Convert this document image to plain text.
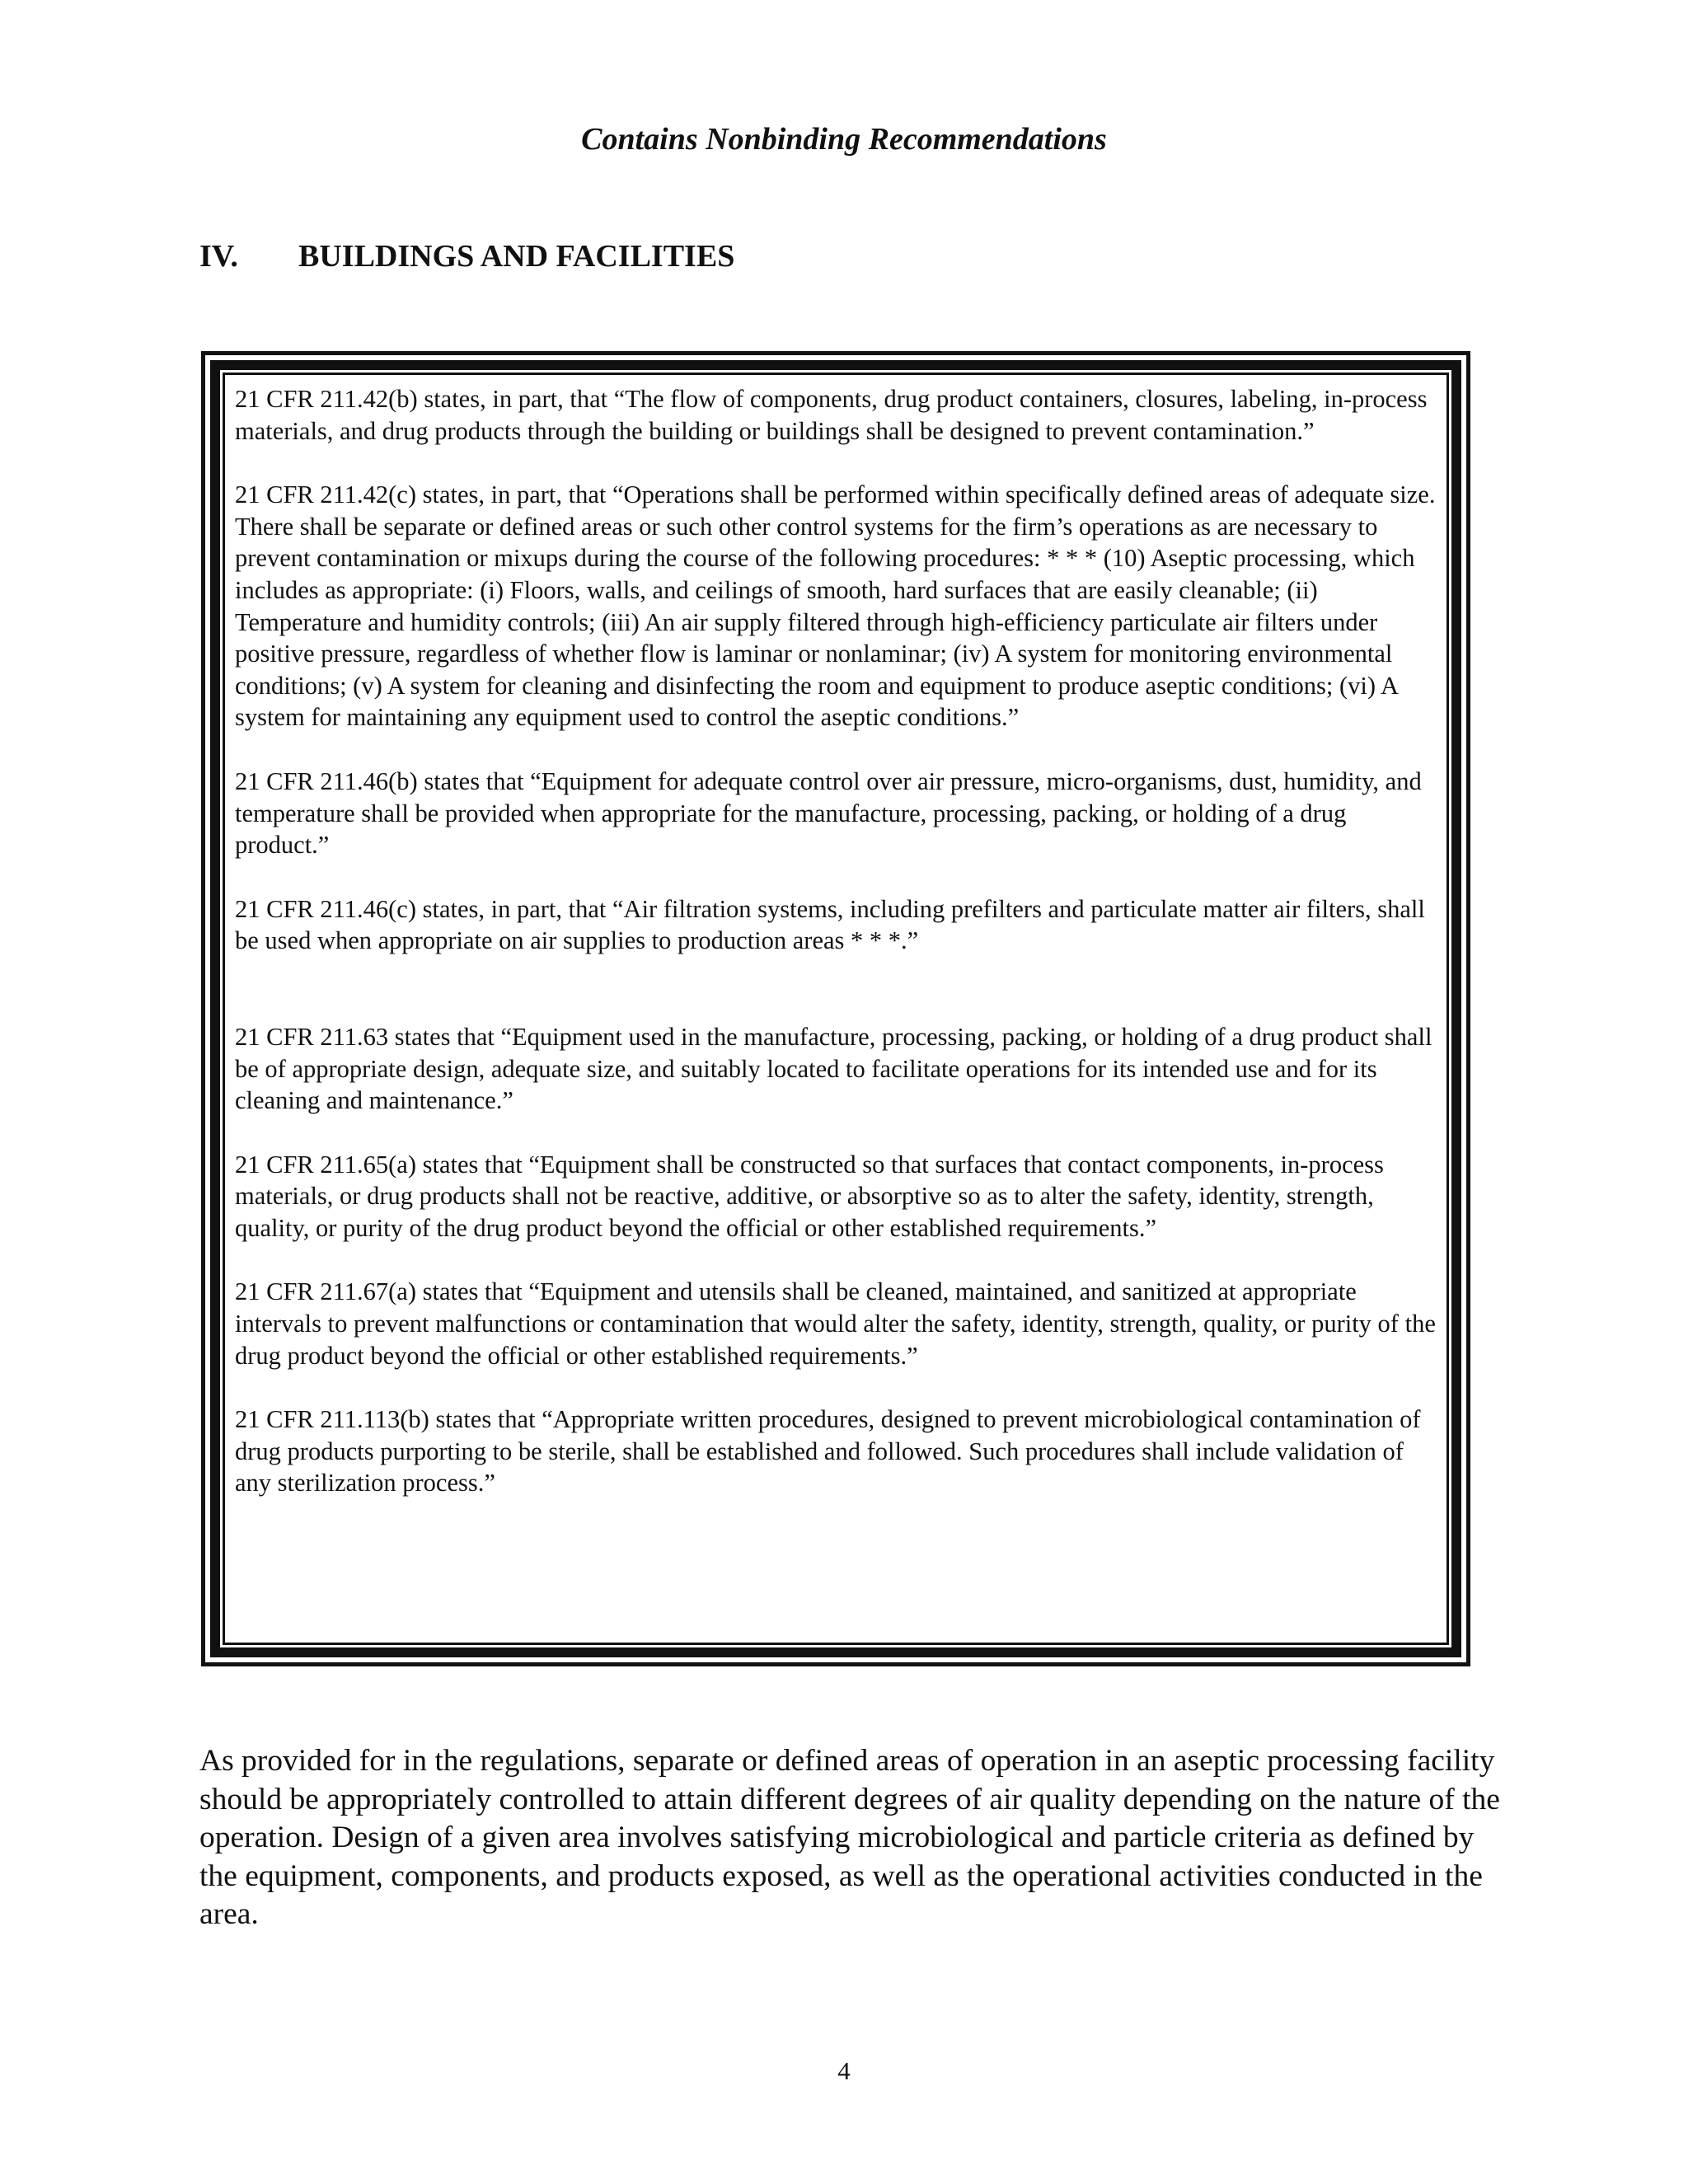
Contains Nonbinding Recommendations
IV.	BUILDINGS AND FACILITIES

21 CFR 211.42(b) states, in part, that “The flow of components, drug product containers, closures, labeling, in-process materials, and drug products through the building or buildings shall be designed to prevent contamination.”

21 CFR 211.42(c) states, in part, that “Operations shall be performed within specifically defined areas of adequate size. There shall be separate or defined areas or such other control systems for the firm’s operations as are necessary to prevent contamination or mixups during the course of the following procedures: * * * (10) Aseptic processing, which includes as appropriate: (i) Floors, walls, and ceilings of smooth, hard surfaces that are easily cleanable; (ii) Temperature and humidity controls; (iii) An air supply filtered through high-efficiency particulate air filters under positive pressure, regardless of whether flow is laminar or nonlaminar; (iv) A system for monitoring environmental conditions; (v) A system for cleaning and disinfecting the room and equipment to produce aseptic conditions; (vi) A system for maintaining any equipment used to control the aseptic conditions.”

21 CFR 211.46(b) states that “Equipment for adequate control over air pressure, micro-organisms, dust, humidity, and temperature shall be provided when appropriate for the manufacture, processing, packing, or holding of a drug product.”

21 CFR 211.46(c) states, in part, that “Air filtration systems, including prefilters and particulate matter air filters, shall be used when appropriate on air supplies to production areas * * *.”

21 CFR 211.63 states that “Equipment used in the manufacture, processing, packing, or holding of a drug product shall be of appropriate design, adequate size, and suitably located to facilitate operations for its intended use and for its cleaning and maintenance.”

21 CFR 211.65(a) states that “Equipment shall be constructed so that surfaces that contact components, in-process materials, or drug products shall not be reactive, additive, or absorptive so as to alter the safety, identity, strength, quality, or purity of the drug product beyond the official or other established requirements.”

21 CFR 211.67(a) states that “Equipment and utensils shall be cleaned, maintained, and sanitized at appropriate intervals to prevent malfunctions or contamination that would alter the safety, identity, strength, quality, or purity of the drug product beyond the official or other established requirements.”

21 CFR 211.113(b) states that “Appropriate written procedures, designed to prevent microbiological contamination of drug products purporting to be sterile, shall be established and followed. Such procedures shall include validation of any sterilization process.”

As provided for in the regulations, separate or defined areas of operation in an aseptic processing facility should be appropriately controlled to attain different degrees of air quality depending on the nature of the operation. Design of a given area involves satisfying microbiological and particle criteria as defined by the equipment, components, and products exposed, as well as the operational activities conducted in the area.

4
